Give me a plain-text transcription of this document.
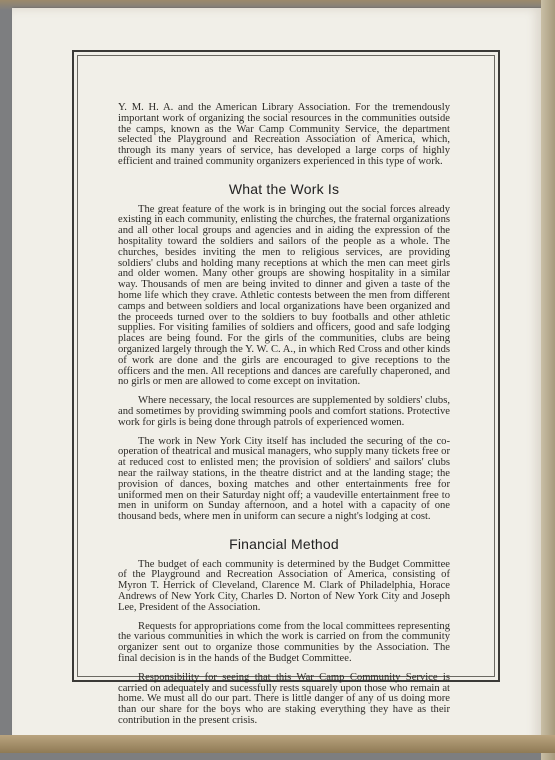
Y. M. H. A. and the American Library Association. For the tremendously important work of organizing the social resources in the communities outside the camps, known as the War Camp Community Service, the department selected the Playground and Recreation Association of America, which, through its many years of service, has developed a large corps of highly efficient and trained community organizers experienced in this type of work.

What the Work Is

The great feature of the work is in bringing out the social forces already existing in each community, enlisting the churches, the fraternal organizations and all other local groups and agencies and in aiding the expression of the hospitality toward the soldiers and sailors of the people as a whole. The churches, besides inviting the men to religious services, are providing soldiers' clubs and holding many receptions at which the men can meet girls and older women. Many other groups are showing hospitality in a similar way. Thousands of men are being invited to dinner and given a taste of the home life which they crave. Athletic contests between the men from different camps and between soldiers and local organizations have been organized and the proceeds turned over to the soldiers to buy footballs and other athletic supplies. For visiting families of soldiers and officers, good and safe lodging places are being found. For the girls of the communities, clubs are being organized largely through the Y. W. C. A., in which Red Cross and other kinds of work are done and the girls are encouraged to give receptions to the officers and the men. All receptions and dances are carefully chaperoned, and no girls or men are allowed to come except on invitation.

Where necessary, the local resources are supplemented by soldiers' clubs, and sometimes by providing swimming pools and comfort stations. Protective work for girls is being done through patrols of experienced women.

The work in New York City itself has included the securing of the co-operation of theatrical and musical managers, who supply many tickets free or at reduced cost to enlisted men; the provision of soldiers' and sailors' clubs near the railway stations, in the theatre district and at the landing stage; the provision of dances, boxing matches and other entertainments free for uniformed men on their Saturday night off; a vaudeville entertainment free to men in uniform on Sunday afternoon, and a hotel with a capacity of one thousand beds, where men in uniform can secure a night's lodging at cost.

Financial Method

The budget of each community is determined by the Budget Committee of the Playground and Recreation Association of America, consisting of Myron T. Herrick of Cleveland, Clarence M. Clark of Philadelphia, Horace Andrews of New York City, Charles D. Norton of New York City and Joseph Lee, President of the Association.

Requests for appropriations come from the local committees representing the various communities in which the work is carried on from the community organizer sent out to organize those communities by the Association. The final decision is in the hands of the Budget Committee.

Responsibility for seeing that this War Camp Community Service is carried on adequately and sucessfully rests squarely upon those who remain at home. We must all do our part. There is little danger of any of us doing more than our share for the boys who are staking everything they have as their contribution in the present crisis.
